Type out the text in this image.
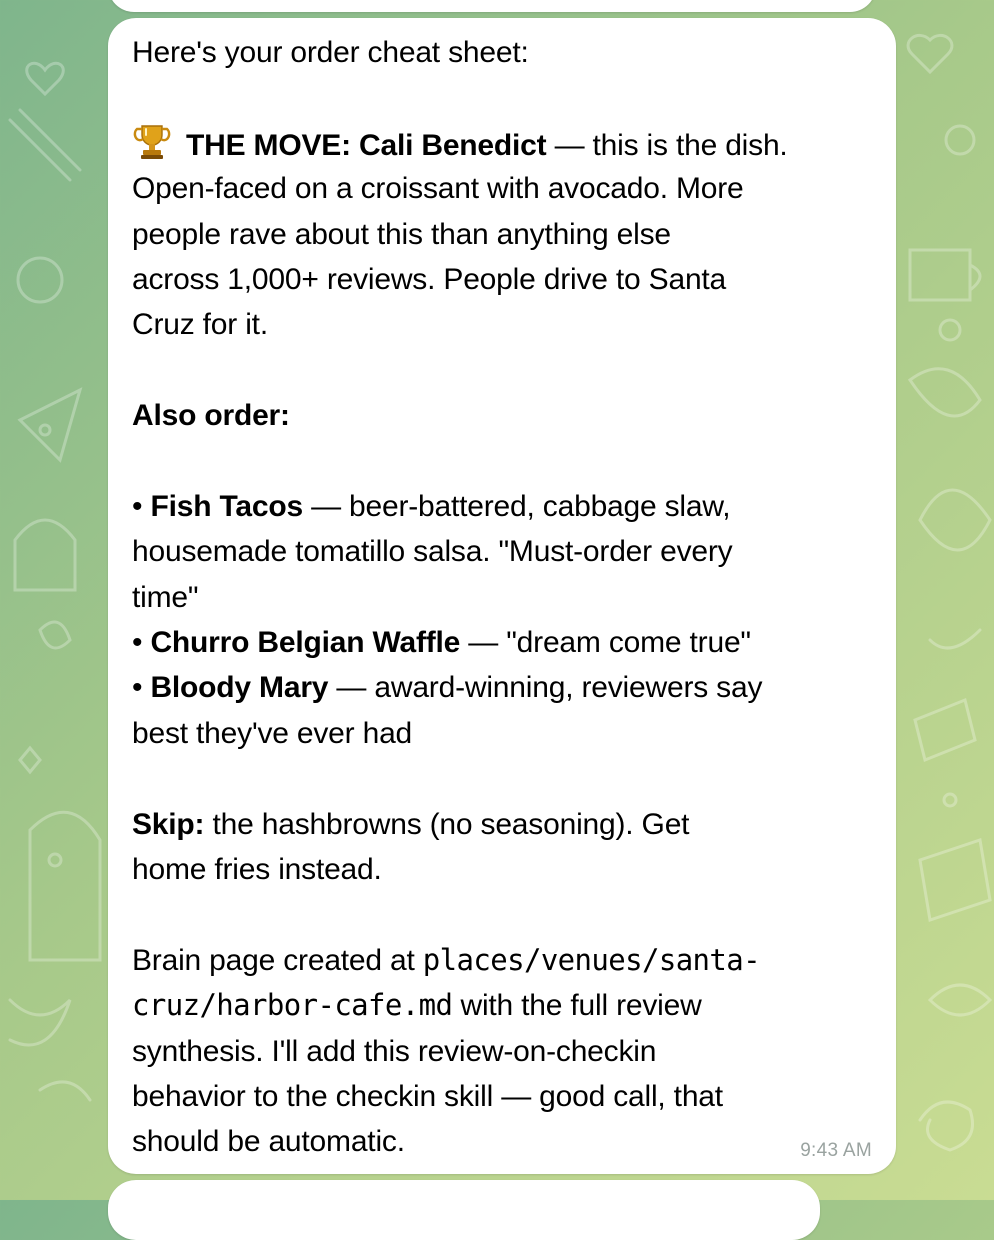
Here's your order cheat sheet:
THE MOVE: Cali Benedict — this is the dish.
Open-faced on a croissant with avocado. More
people rave about this than anything else
across 1,000+ reviews. People drive to Santa
Cruz for it.
Also order:
• Fish Tacos — beer-battered, cabbage slaw,
housemade tomatillo salsa. "Must-order every
time"
• Churro Belgian Waffle — "dream come true"
• Bloody Mary — award-winning, reviewers say
best they've ever had
Skip: the hashbrowns (no seasoning). Get
home fries instead.
Brain page created at places/venues/santa-
cruz/harbor-cafe.md with the full review
synthesis. I'll add this review-on-checkin
behavior to the checkin skill — good call, that
should be automatic.	9:43 AM
